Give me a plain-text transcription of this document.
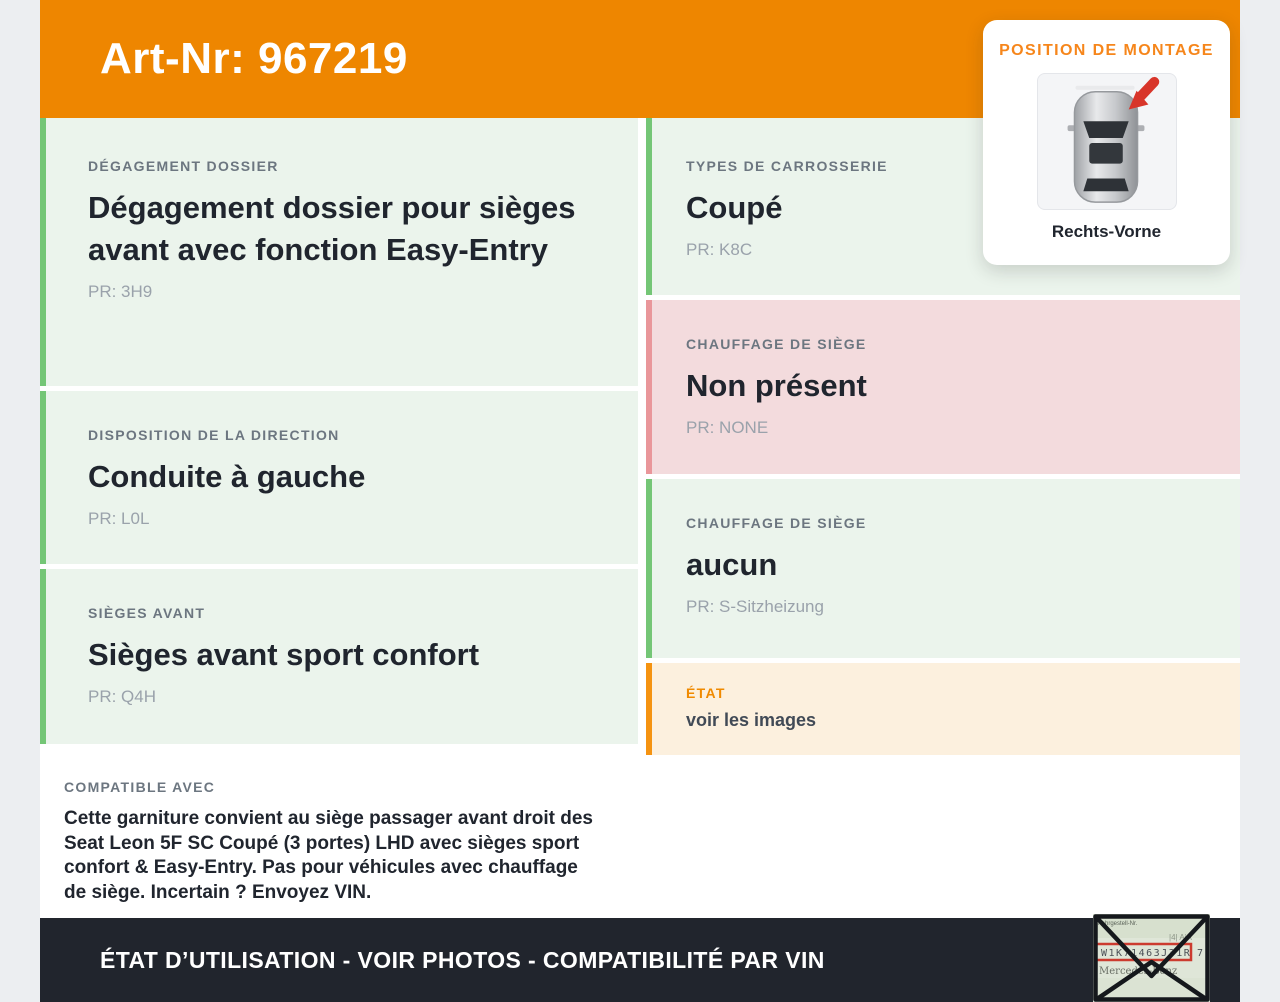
Art-Nr: 967219	POSITION DE MONTAGE
Rechts-Vorne
DÉGAGEMENT DOSSIER
Dégagement dossier pour sièges avant avec fonction Easy-Entry
PR: 3H9
DISPOSITION DE LA DIRECTION
Conduite à gauche
PR: L0L
SIÈGES AVANT
Sièges avant sport confort
PR: Q4H
COMPATIBLE AVEC
Cette garniture convient au siège passager avant droit des Seat Leon 5F SC Coupé (3 portes) LHD avec sièges sport confort & Easy-Entry. Pas pour véhicules avec chauffage de siège. Incertain ? Envoyez VIN.
TYPES DE CARROSSERIE
Coupé
PR: K8C
CHAUFFAGE DE SIÈGE
Non présent
PR: NONE
CHAUFFAGE DE SIÈGE
aucun
PR: S-Sitzheizung
ÉTAT
voir les images
ÉTAT D’UTILISATION - VOIR PHOTOS - COMPATIBILITÉ PAR VIN
Fahrgestell-Nr.
|4| AiA
W1K71463J31R 7
Mercedes-Benz
